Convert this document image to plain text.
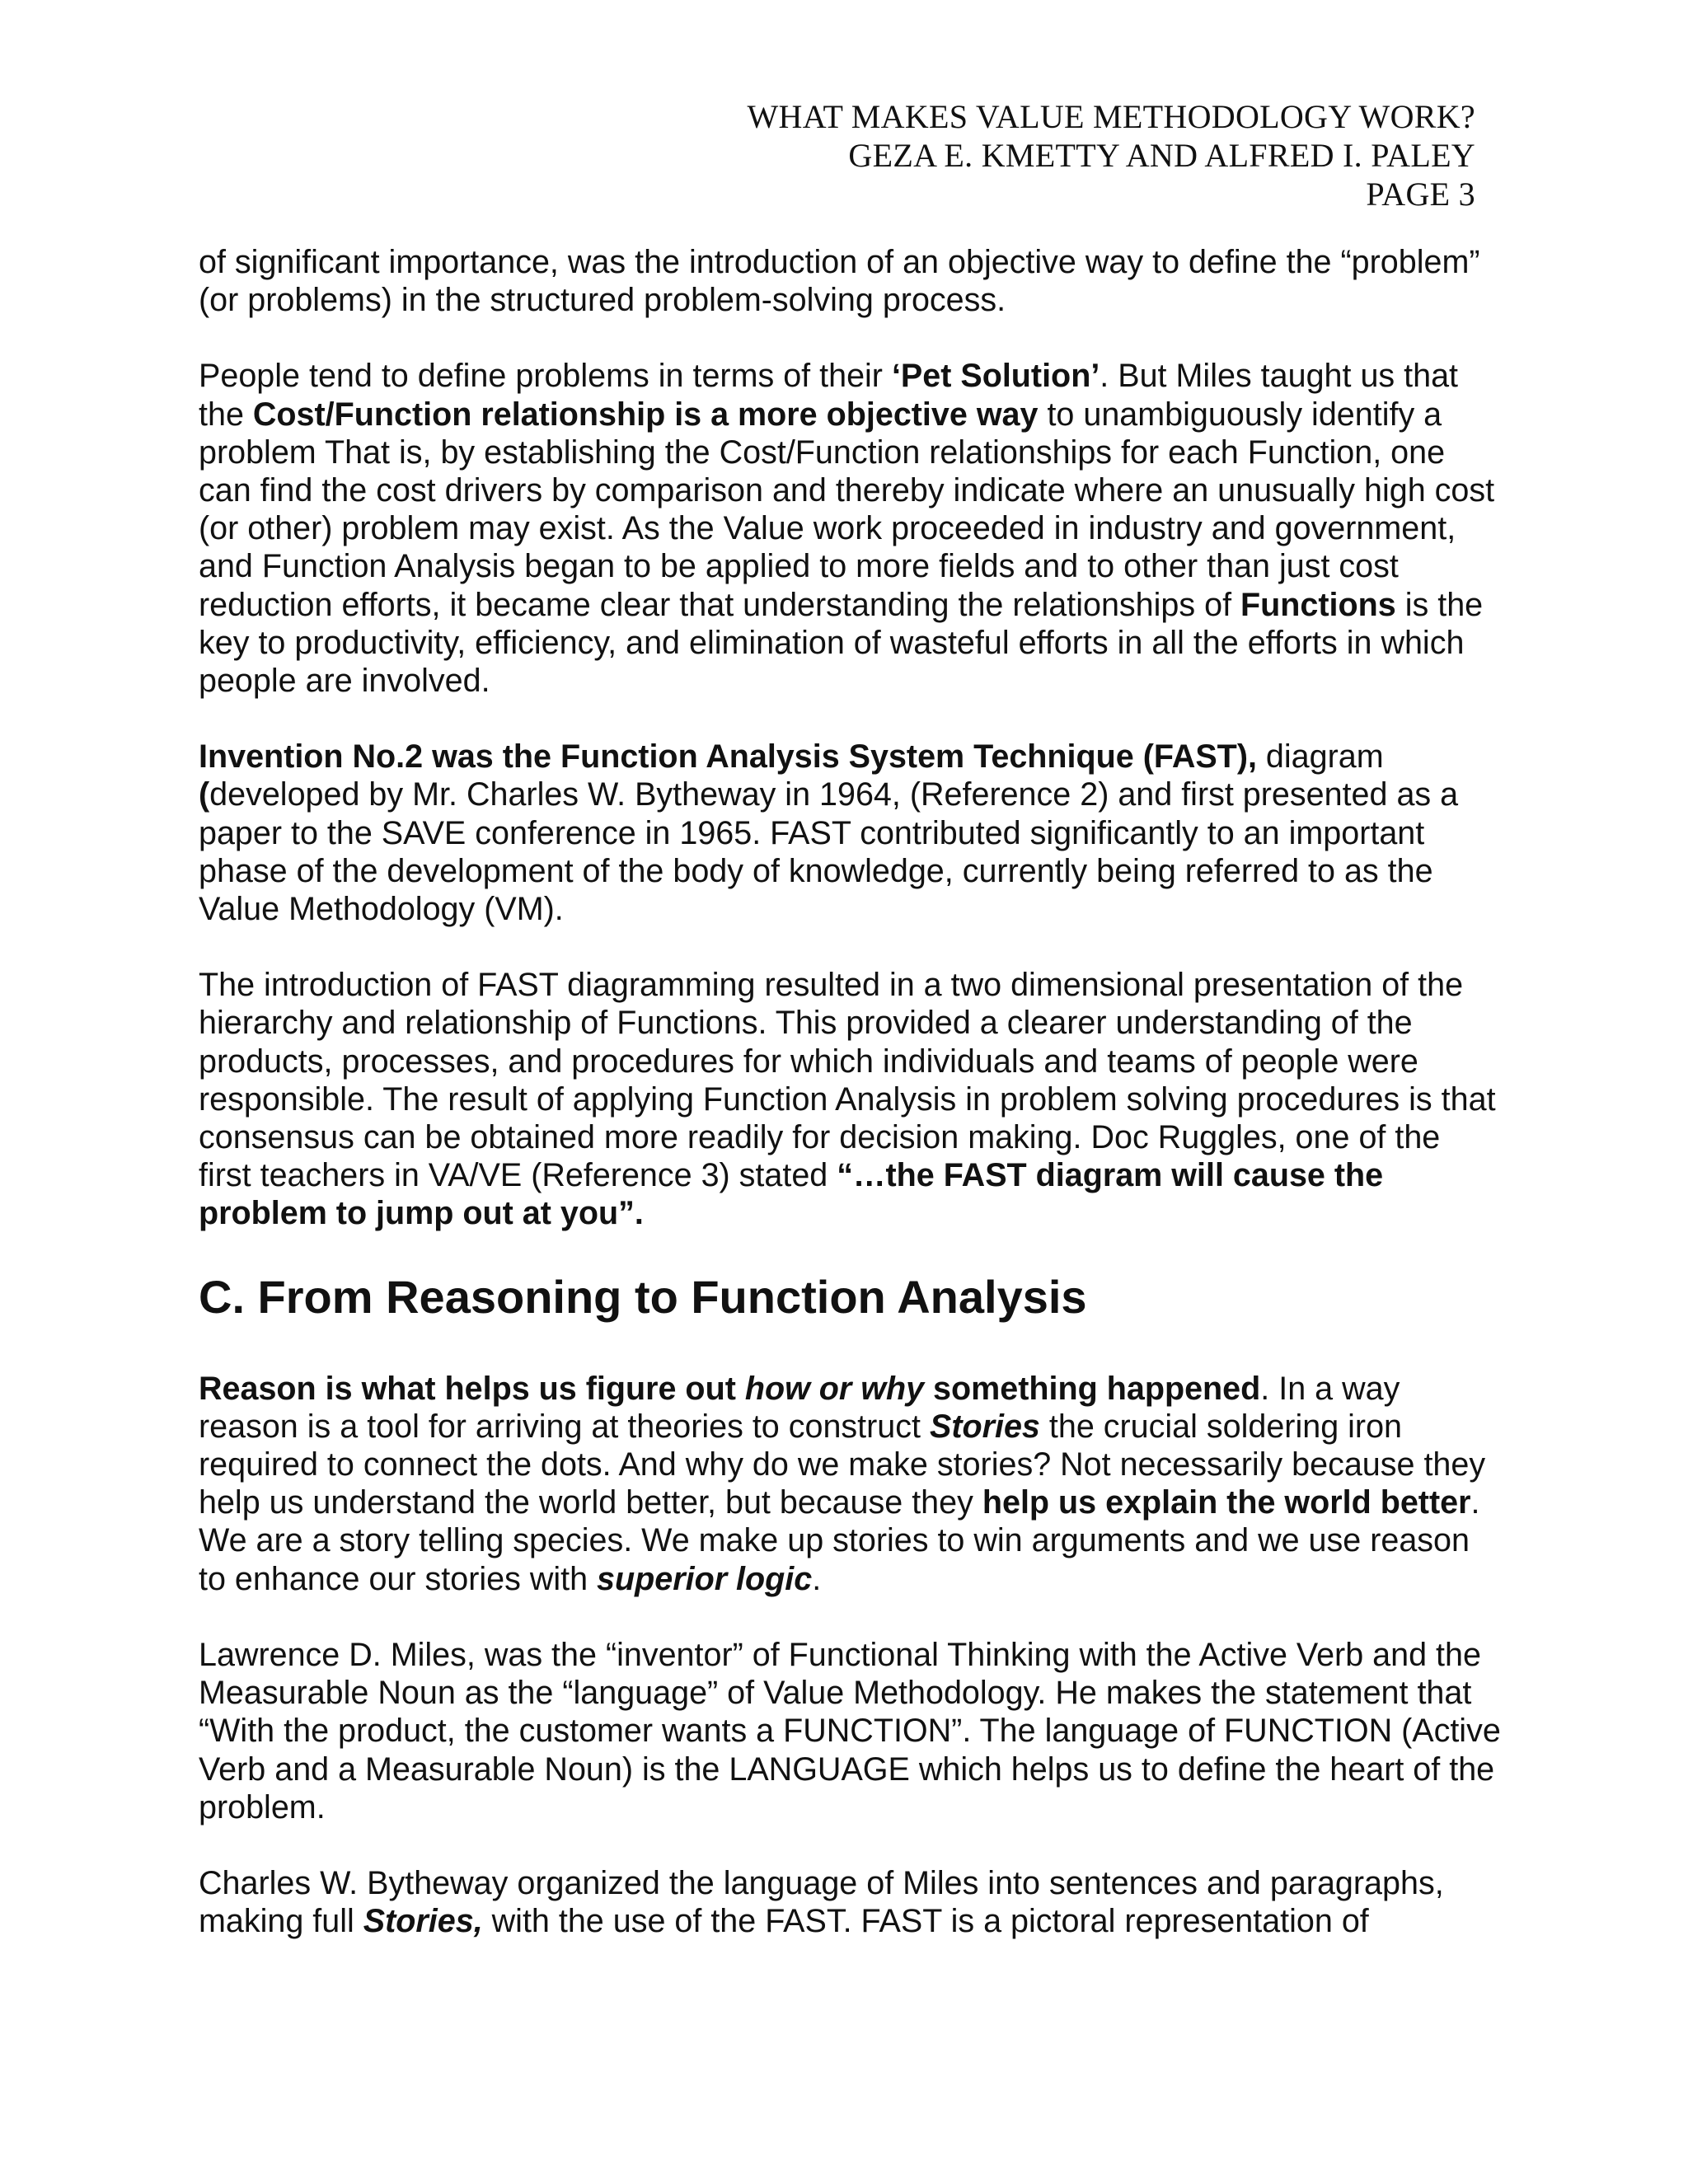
WHAT MAKES VALUE METHODOLOGY WORK?
GEZA E. KMETTY AND ALFRED I. PALEY
PAGE 3

of significant importance, was the introduction of an objective way to define the “problem” (or problems) in the structured problem-solving process.

People tend to define problems in terms of their ‘Pet Solution’. But Miles taught us that the Cost/Function relationship is a more objective way to unambiguously identify a problem That is, by establishing the Cost/Function relationships for each Function, one can find the cost drivers by comparison and thereby indicate where an unusually high cost (or other) problem may exist. As the Value work proceeded in industry and government, and Function Analysis began to be applied to more fields and to other than just cost reduction efforts, it became clear that understanding the relationships of Functions is the key to productivity, efficiency, and elimination of wasteful efforts in all the efforts in which people are involved.

Invention No.2 was the Function Analysis System Technique (FAST), diagram (developed by Mr. Charles W. Bytheway in 1964, (Reference 2) and first presented as a paper to the SAVE conference in 1965. FAST contributed significantly to an important phase of the development of the body of knowledge, currently being referred to as the Value Methodology (VM).

The introduction of FAST diagramming resulted in a two dimensional presentation of the hierarchy and relationship of Functions. This provided a clearer understanding of the products, processes, and procedures for which individuals and teams of people were responsible. The result of applying Function Analysis in problem solving procedures is that consensus can be obtained more readily for decision making. Doc Ruggles, one of the first teachers in VA/VE (Reference 3) stated “…the FAST diagram will cause the problem to jump out at you”.

C. From Reasoning to Function Analysis

Reason is what helps us figure out how or why something happened. In a way reason is a tool for arriving at theories to construct Stories the crucial soldering iron required to connect the dots. And why do we make stories? Not necessarily because they help us understand the world better, but because they help us explain the world better. We are a story telling species. We make up stories to win arguments and we use reason to enhance our stories with superior logic.

Lawrence D. Miles, was the “inventor” of Functional Thinking with the Active Verb and the Measurable Noun as the “language” of Value Methodology. He makes the statement that “With the product, the customer wants a FUNCTION”. The language of FUNCTION (Active Verb and a Measurable Noun) is the LANGUAGE which helps us to define the heart of the problem.

Charles W. Bytheway organized the language of Miles into sentences and paragraphs, making full Stories, with the use of the FAST. FAST is a pictoral representation of
